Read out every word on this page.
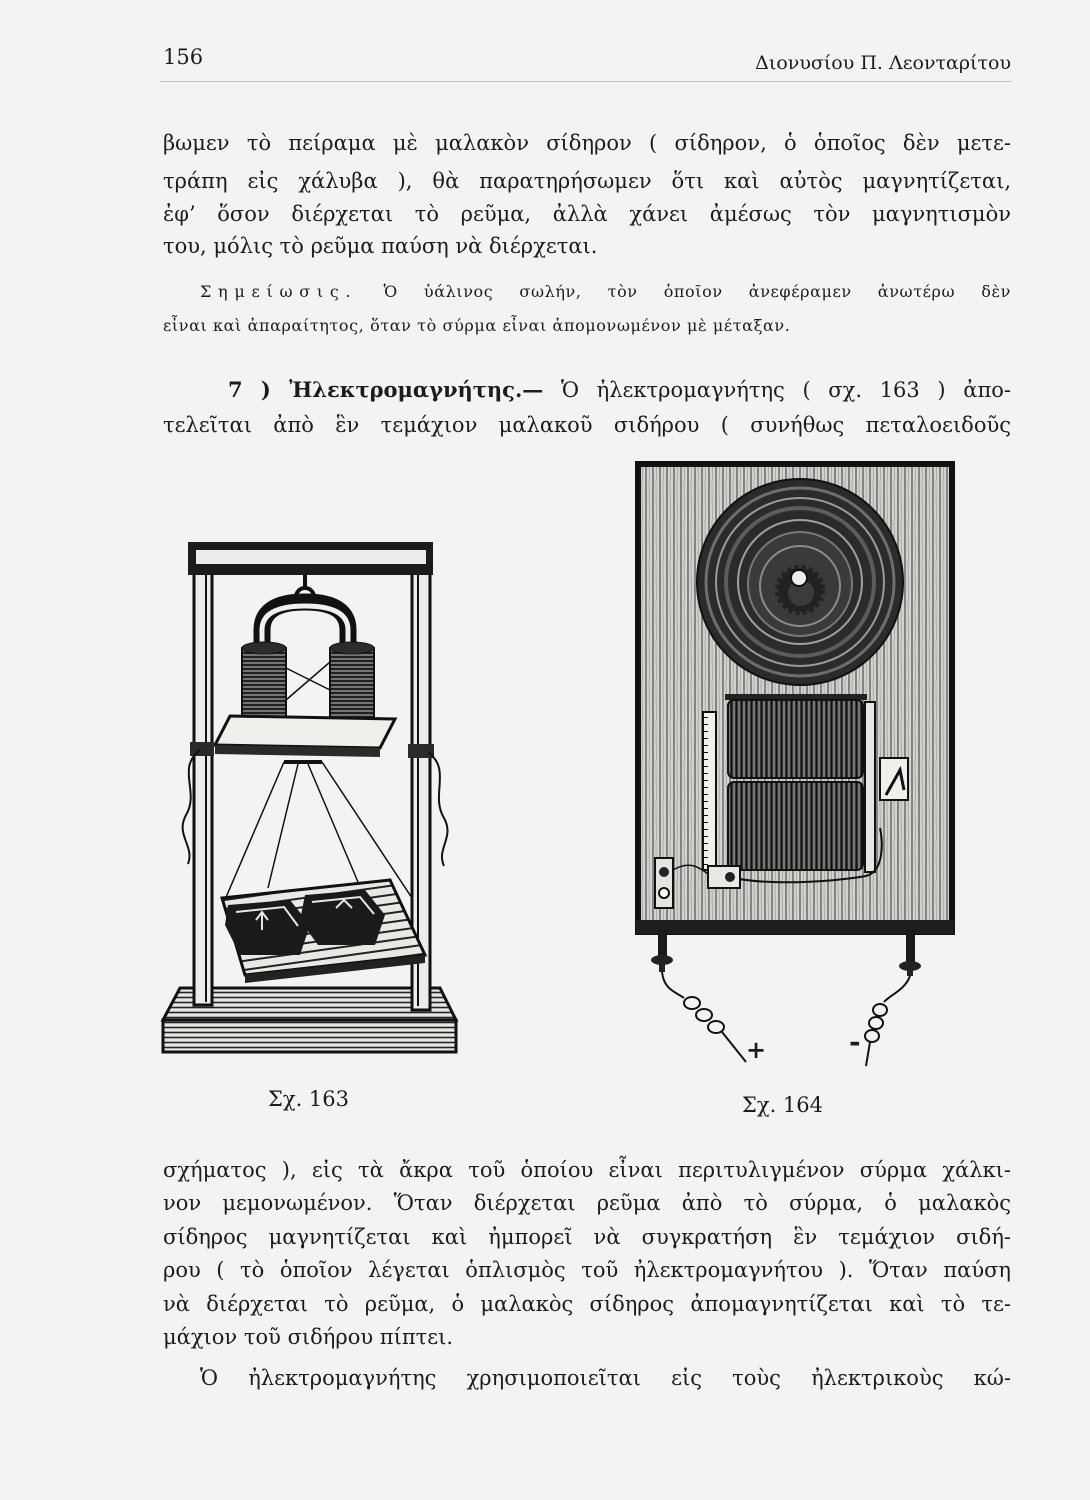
156	Διονυσίου Π. Λεονταρίτου
βωμεν τὸ πείραμα μὲ μαλακὸν σίδηρον ( σίδηρον, ὁ ὁποῖος δὲν μετε-
τράπη εἰς χάλυβα ), θὰ παρατηρήσωμεν ὅτι καὶ αὐτὸς μαγνητίζεται,
ἐφ’ ὅσον διέρχεται τὸ ρεῦμα, ἀλλὰ χάνει ἀμέσως τὸν μαγνητισμὸν
του, μόλις τὸ ρεῦμα παύση νὰ διέρχεται.
Σημείωσις. Ὁ ὑάλινος σωλήν, τὸν ὁποῖον ἀνεφέραμεν ἀνωτέρω δὲν
εἶναι καὶ ἀπαραίτητος, ὅταν τὸ σύρμα εἶναι ἀπομονωμένον μὲ μέταξαν.
7 ) Ἠλεκτρομαγνήτης.— Ὁ ἠλεκτρομαγνήτης ( σχ. 163 ) ἀπο-
τελεῖται ἀπὸ ἓν τεμάχιον μαλακοῦ σιδήρου ( συνήθως πεταλοειδοῦς
Σχ. 163
+	-
Σχ. 164
σχήματος ), εἰς τὰ ἄκρα τοῦ ὁποίου εἶναι περιτυλιγμένον σύρμα χάλκι-
νον μεμονωμένον. Ὅταν διέρχεται ρεῦμα ἀπὸ τὸ σύρμα, ὁ μαλακὸς
σίδηρος μαγνητίζεται καὶ ἠμπορεῖ νὰ συγκρατήση ἓν τεμάχιον σιδή-
ρου ( τὸ ὁποῖον λέγεται ὁπλισμὸς τοῦ ἠλεκτρομαγνήτου ). Ὅταν παύση
νὰ διέρχεται τὸ ρεῦμα, ὁ μαλακὸς σίδηρος ἀπομαγνητίζεται καὶ τὸ τε-
μάχιον τοῦ σιδήρου πίπτει.
Ὁ ἠλεκτρομαγνήτης χρησιμοποιεῖται εἰς τοὺς ἠλεκτρικοὺς κώ-
